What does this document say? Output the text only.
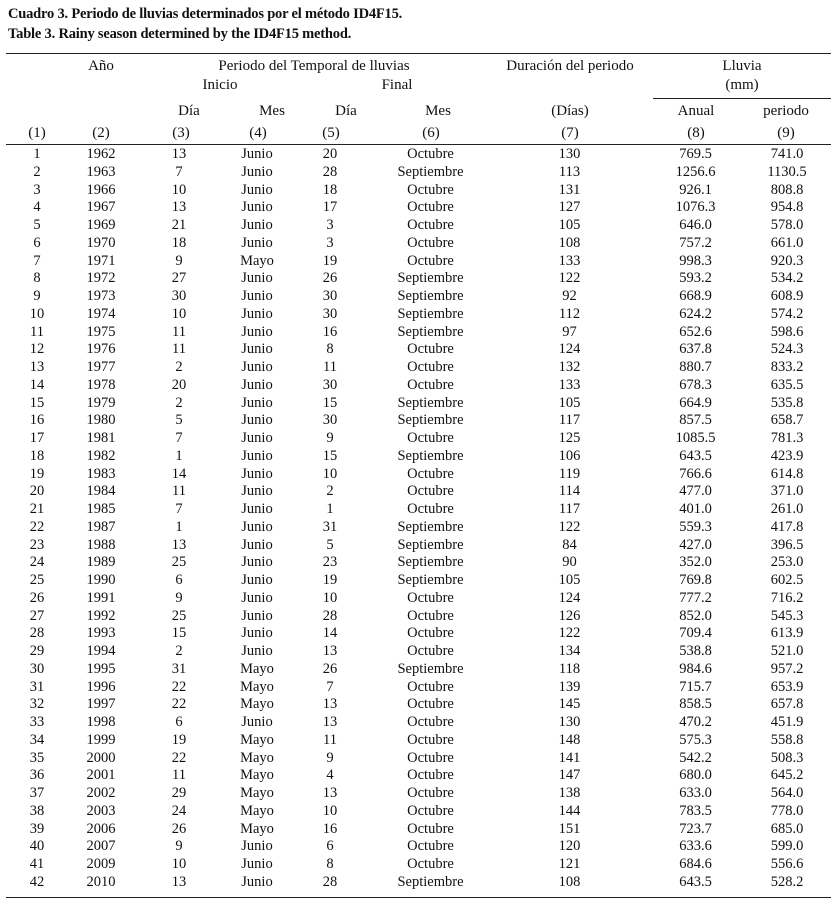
Cuadro 3. Periodo de lluvias determinados por el método ID4F15.
Table 3. Rainy season determined by the ID4F15 method.
Año	Periodo del Temporal de lluvias
Inicio	Final
Duración del periodo	Lluvia
(mm)
Día	Mes	Día	Mes	(Días)	Anual	periodo
(1)	(2)	(3)	(4)	(5)	(6)	(7)	(8)	(9)
1	1962	13	Junio	20	Octubre	130	769.5	741.0
2	1963	7	Junio	28	Septiembre	113	1256.6	1130.5
3	1966	10	Junio	18	Octubre	131	926.1	808.8
4	1967	13	Junio	17	Octubre	127	1076.3	954.8
5	1969	21	Junio	3	Octubre	105	646.0	578.0
6	1970	18	Junio	3	Octubre	108	757.2	661.0
7	1971	9	Mayo	19	Octubre	133	998.3	920.3
8	1972	27	Junio	26	Septiembre	122	593.2	534.2
9	1973	30	Junio	30	Septiembre	92	668.9	608.9
10	1974	10	Junio	30	Septiembre	112	624.2	574.2
11	1975	11	Junio	16	Septiembre	97	652.6	598.6
12	1976	11	Junio	8	Octubre	124	637.8	524.3
13	1977	2	Junio	11	Octubre	132	880.7	833.2
14	1978	20	Junio	30	Octubre	133	678.3	635.5
15	1979	2	Junio	15	Septiembre	105	664.9	535.8
16	1980	5	Junio	30	Septiembre	117	857.5	658.7
17	1981	7	Junio	9	Octubre	125	1085.5	781.3
18	1982	1	Junio	15	Septiembre	106	643.5	423.9
19	1983	14	Junio	10	Octubre	119	766.6	614.8
20	1984	11	Junio	2	Octubre	114	477.0	371.0
21	1985	7	Junio	1	Octubre	117	401.0	261.0
22	1987	1	Junio	31	Septiembre	122	559.3	417.8
23	1988	13	Junio	5	Septiembre	84	427.0	396.5
24	1989	25	Junio	23	Septiembre	90	352.0	253.0
25	1990	6	Junio	19	Septiembre	105	769.8	602.5
26	1991	9	Junio	10	Octubre	124	777.2	716.2
27	1992	25	Junio	28	Octubre	126	852.0	545.3
28	1993	15	Junio	14	Octubre	122	709.4	613.9
29	1994	2	Junio	13	Octubre	134	538.8	521.0
30	1995	31	Mayo	26	Septiembre	118	984.6	957.2
31	1996	22	Mayo	7	Octubre	139	715.7	653.9
32	1997	22	Mayo	13	Octubre	145	858.5	657.8
33	1998	6	Junio	13	Octubre	130	470.2	451.9
34	1999	19	Mayo	11	Octubre	148	575.3	558.8
35	2000	22	Mayo	9	Octubre	141	542.2	508.3
36	2001	11	Mayo	4	Octubre	147	680.0	645.2
37	2002	29	Mayo	13	Octubre	138	633.0	564.0
38	2003	24	Mayo	10	Octubre	144	783.5	778.0
39	2006	26	Mayo	16	Octubre	151	723.7	685.0
40	2007	9	Junio	6	Octubre	120	633.6	599.0
41	2009	10	Junio	8	Octubre	121	684.6	556.6
42	2010	13	Junio	28	Septiembre	108	643.5	528.2
